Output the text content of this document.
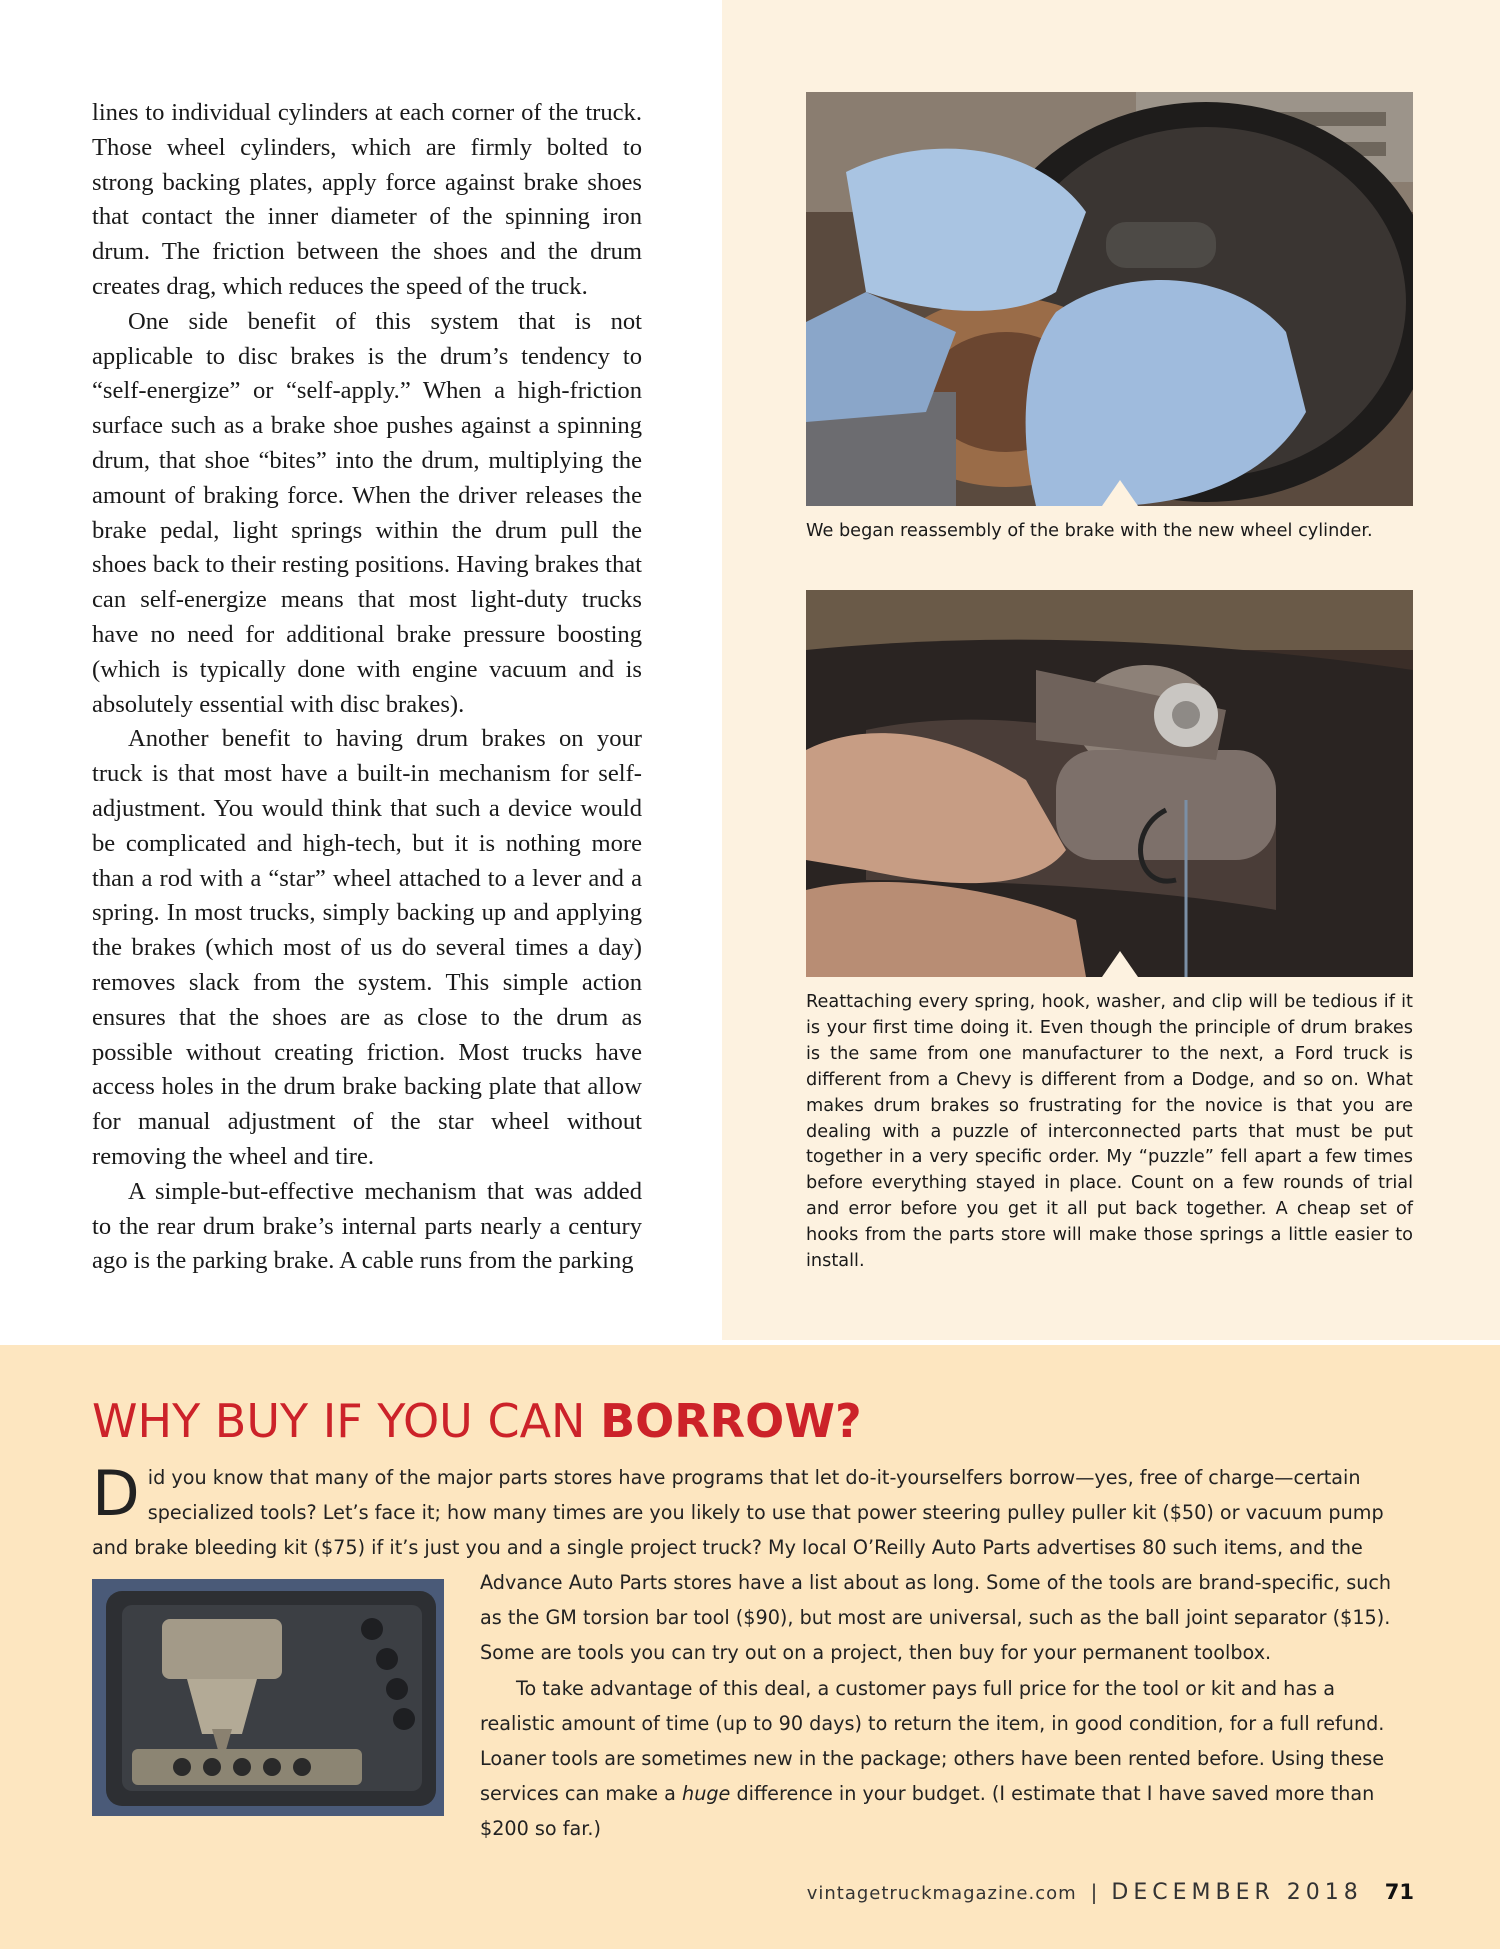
lines to individual cylinders at each corner of the truck. Those wheel cylinders, which are firmly bolted to strong backing plates, apply force against brake shoes that contact the inner diameter of the spinning iron drum. The friction between the shoes and the drum creates drag, which reduces the speed of the truck.

One side benefit of this system that is not applicable to disc brakes is the drum’s tendency to “self-energize” or “self-apply.” When a high-friction surface such as a brake shoe pushes against a spinning drum, that shoe “bites” into the drum, multiplying the amount of braking force. When the driver releases the brake pedal, light springs within the drum pull the shoes back to their resting positions. Having brakes that can self-energize means that most light-duty trucks have no need for additional brake pressure boosting (which is typically done with engine vacuum and is absolutely essential with disc brakes).

Another benefit to having drum brakes on your truck is that most have a built-in mechanism for self-adjustment. You would think that such a device would be complicated and high-tech, but it is nothing more than a rod with a “star” wheel attached to a lever and a spring. In most trucks, simply backing up and applying the brakes (which most of us do several times a day) removes slack from the system. This simple action ensures that the shoes are as close to the drum as possible without creating friction. Most trucks have access holes in the drum brake backing plate that allow for manual adjustment of the star wheel without removing the wheel and tire.

A simple-but-effective mechanism that was added to the rear drum brake’s internal parts nearly a century ago is the parking brake. A cable runs from the parking

We began reassembly of the brake with the new wheel cylinder.
Reattaching every spring, hook, washer, and clip will be tedious if it is your first time doing it. Even though the principle of drum brakes is the same from one manufacturer to the next, a Ford truck is different from a Chevy is different from a Dodge, and so on. What makes drum brakes so frustrating for the novice is that you are dealing with a puzzle of interconnected parts that must be put together in a very specific order. My “puzzle” fell apart a few times before everything stayed in place. Count on a few rounds of trial and error before you get it all put back together. A cheap set of hooks from the parts store will make those springs a little easier to install.
WHY BUY IF YOU CAN BORROW?

Did you know that many of the major parts stores have programs that let do-it-yourselfers borrow—yes, free of charge—certain specialized tools? Let’s face it; how many times are you likely to use that power steering pulley puller kit ($50) or vacuum pump and brake bleeding kit ($75) if it’s just you and a single project truck? My local O’Reilly Auto Parts advertises 80 such items, and the
Advance Auto Parts stores have a list about as long. Some of the tools are brand-specific, such as the GM torsion bar tool ($90), but most are universal, such as the ball joint separator ($15). Some are tools you can try out on a project, then buy for your permanent toolbox.

To take advantage of this deal, a customer pays full price for the tool or kit and has a realistic amount of time (up to 90 days) to return the item, in good condition, for a full refund. Loaner tools are sometimes new in the package; others have been rented before. Using these services can make a huge difference in your budget. (I estimate that I have saved more than $200 so far.)

vintagetruckmagazine.com | DECEMBER 2018 71
